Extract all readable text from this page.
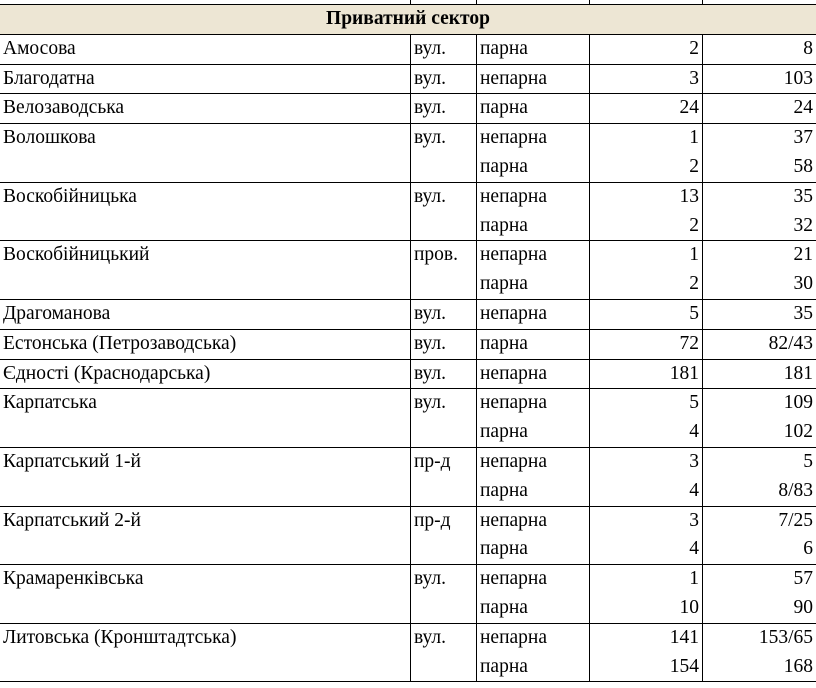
Приватний сектор				
Амосова	вул.	парна	2	8
Благодатна	вул.	непарна	3	103
Велозаводська	вул.	парна	24	24
Волошкова	вул.	непарна	1	37
		парна	2	58
Воскобійницька	вул.	непарна	13	35
		парна	2	32
Воскобійницький	пров.	непарна	1	21
		парна	2	30
Драгоманова	вул.	непарна	5	35
Естонська (Петрозаводська)	вул.	парна	72	82/43
Єдності (Краснодарська)	вул.	непарна	181	181
Карпатська	вул.	непарна	5	109
		парна	4	102
Карпатський 1-й	пр-д	непарна	3	5
		парна	4	8/83
Карпатський 2-й	пр-д	непарна	3	7/25
		парна	4	6
Крамаренківська	вул.	непарна	1	57
		парна	10	90
Литовська (Кронштадтська)	вул.	непарна	141	153/65
		парна	154	168
